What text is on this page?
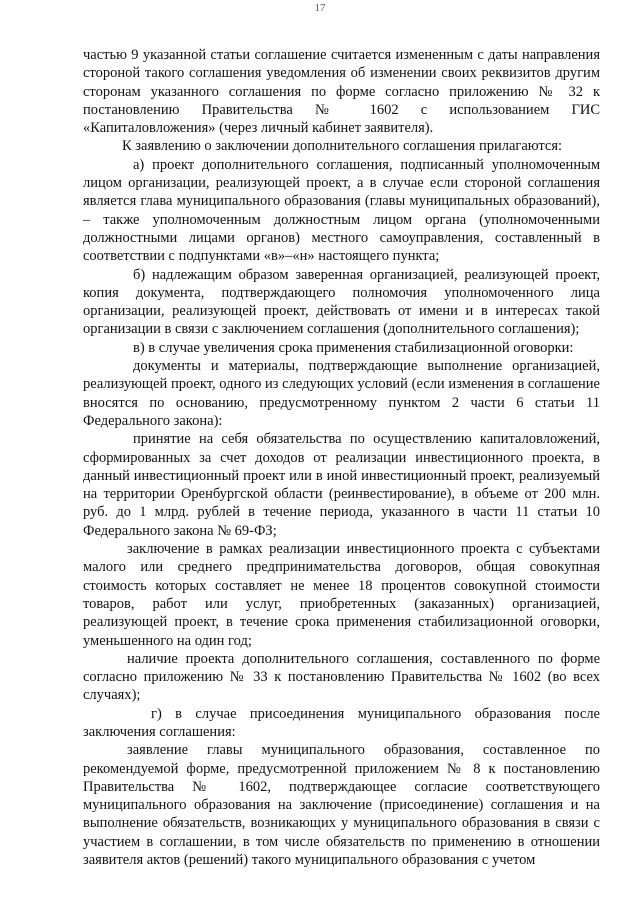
17

частью 9 указанной статьи соглашение считается измененным с даты направления стороной такого соглашения уведомления об изменении своих реквизитов другим сторонам указанного соглашения по форме согласно приложению № 32 к постановлению Правительства № 1602 с использованием ГИС «Капиталовложения» (через личный кабинет заявителя).

К заявлению о заключении дополнительного соглашения прилагаются:

а) проект дополнительного соглашения, подписанный уполномоченным лицом организации, реализующей проект, а в случае если стороной соглашения является глава муниципального образования (главы муниципальных образований), – также уполномоченным должностным лицом органа (уполномоченными должностными лицами органов) местного самоуправления, составленный в соответствии с подпунктами «в»–«н» настоящего пункта;

б) надлежащим образом заверенная организацией, реализующей проект, копия документа, подтверждающего полномочия уполномоченного лица организации, реализующей проект, действовать от имени и в интересах такой организации в связи с заключением соглашения (дополнительного соглашения);

в) в случае увеличения срока применения стабилизационной оговорки:

документы и материалы, подтверждающие выполнение организацией, реализующей проект, одного из следующих условий (если изменения в соглашение вносятся по основанию, предусмотренному пунктом 2 части 6 статьи 11 Федерального закона):

принятие на себя обязательства по осуществлению капиталовложений, сформированных за счет доходов от реализации инвестиционного проекта, в данный инвестиционный проект или в иной инвестиционный проект, реализуемый на территории Оренбургской области (реинвестирование), в объеме от 200 млн. руб. до 1 млрд. рублей в течение периода, указанного в части 11 статьи 10 Федерального закона № 69-ФЗ;

заключение в рамках реализации инвестиционного проекта с субъектами малого или среднего предпринимательства договоров, общая совокупная стоимость которых составляет не менее 18 процентов совокупной стоимости товаров, работ или услуг, приобретенных (заказанных) организацией, реализующей проект, в течение срока применения стабилизационной оговорки, уменьшенного на один год;

наличие проекта дополнительного соглашения, составленного по форме согласно приложению № 33 к постановлению Правительства № 1602 (во всех случаях);

г) в случае присоединения муниципального образования после заключения соглашения:

заявление главы муниципального образования, составленное по рекомендуемой форме, предусмотренной приложением № 8 к постановлению Правительства № 1602, подтверждающее согласие соответствующего муниципального образования на заключение (присоединение) соглашения и на выполнение обязательств, возникающих у муниципального образования в связи с участием в соглашении, в том числе обязательств по применению в отношении заявителя актов (решений) такого муниципального образования с учетом
